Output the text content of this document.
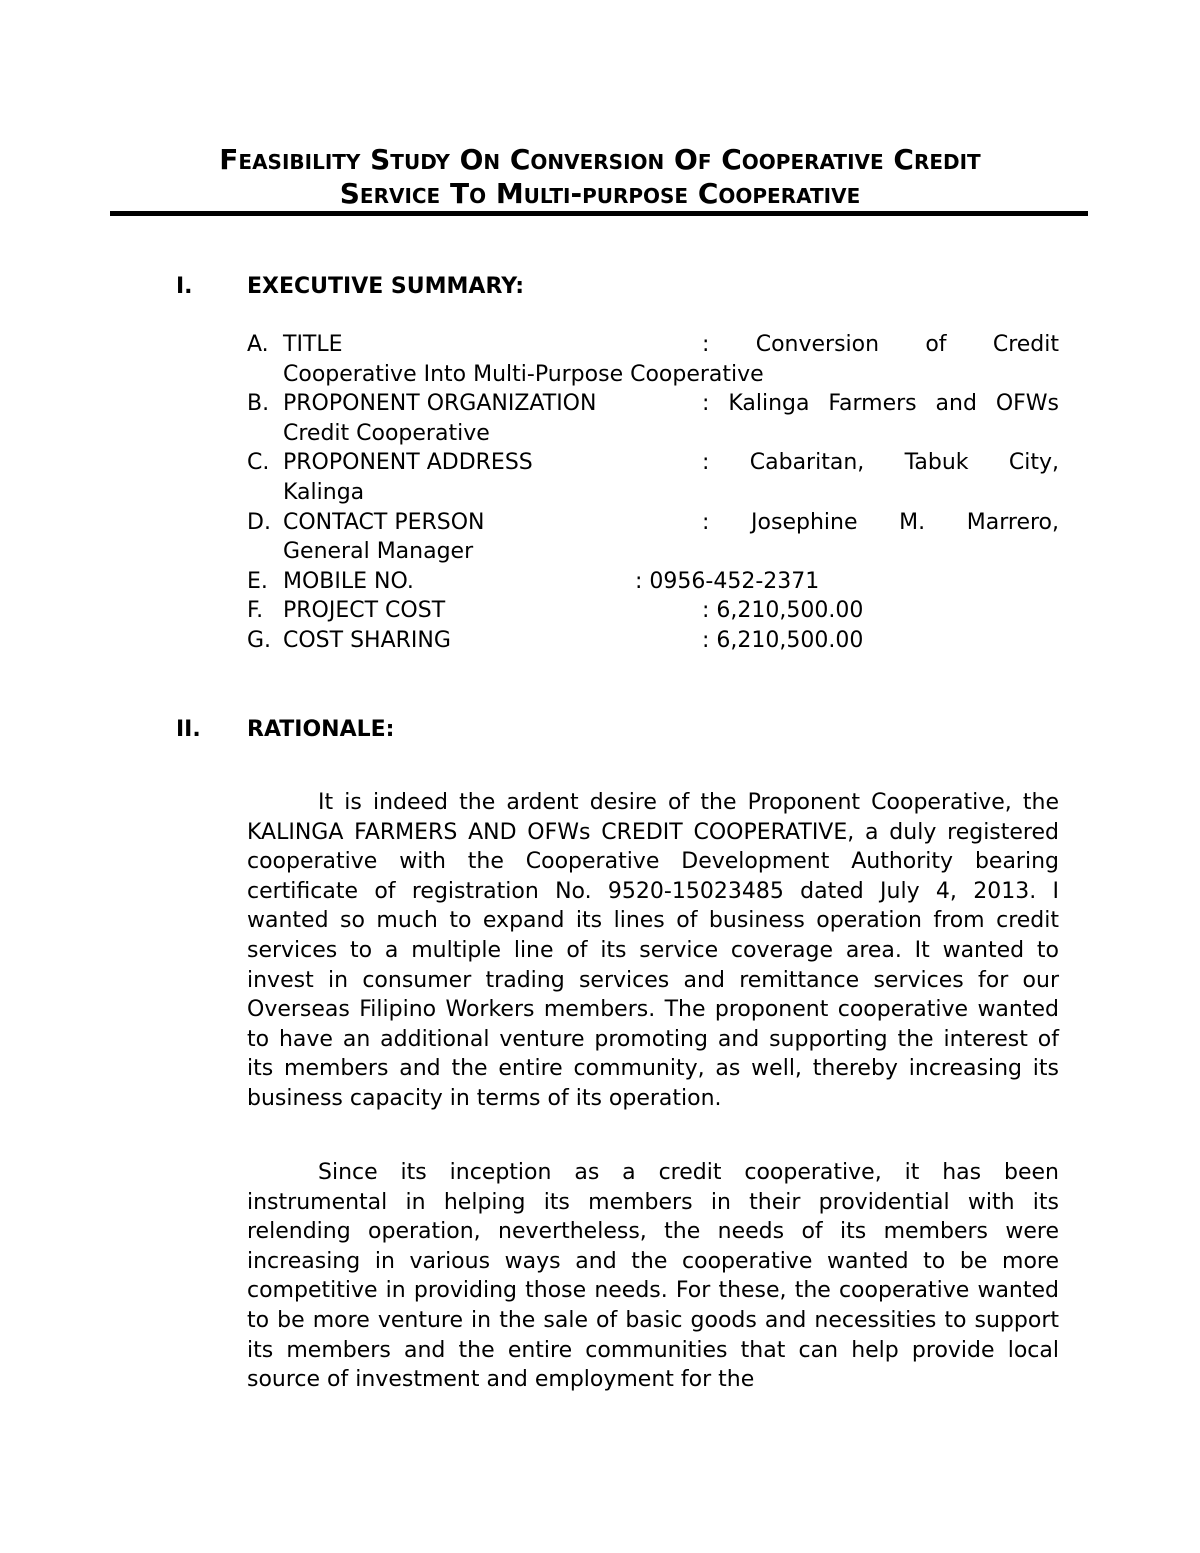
Feasibility Study On Conversion Of Cooperative Credit
Service To Multi-purpose Cooperative
I. EXECUTIVE SUMMARY:
A. TITLE	: Conversion of Credit
Cooperative Into Multi-Purpose Cooperative
B. PROPONENT ORGANIZATION	: Kalinga Farmers and OFWs
Credit Cooperative
C. PROPONENT ADDRESS	: Cabaritan, Tabuk City,
Kalinga
D. CONTACT PERSON	: Josephine M. Marrero,
General Manager
E. MOBILE NO.	: 0956-452-2371
F. PROJECT COST	: 6,210,500.00
G. COST SHARING	: 6,210,500.00
II. RATIONALE:

It is indeed the ardent desire of the Proponent Cooperative, the KALINGA FARMERS AND OFWs CREDIT COOPERATIVE, a duly registered cooperative with the Cooperative Development Authority bearing certificate of registration No. 9520-15023485 dated July 4, 2013. I wanted so much to expand its lines of business operation from credit services to a multiple line of its service coverage area. It wanted to invest in consumer trading services and remittance services for our Overseas Filipino Workers members. The proponent cooperative wanted to have an additional venture promoting and supporting the interest of its members and the entire community, as well, thereby increasing its business capacity in terms of its operation.

Since its inception as a credit cooperative, it has been instrumental in helping its members in their providential with its relending operation, nevertheless, the needs of its members were increasing in various ways and the cooperative wanted to be more competitive in providing those needs. For these, the cooperative wanted to be more venture in the sale of basic goods and necessities to support its members and the entire communities that can help provide local source of investment and employment for the
